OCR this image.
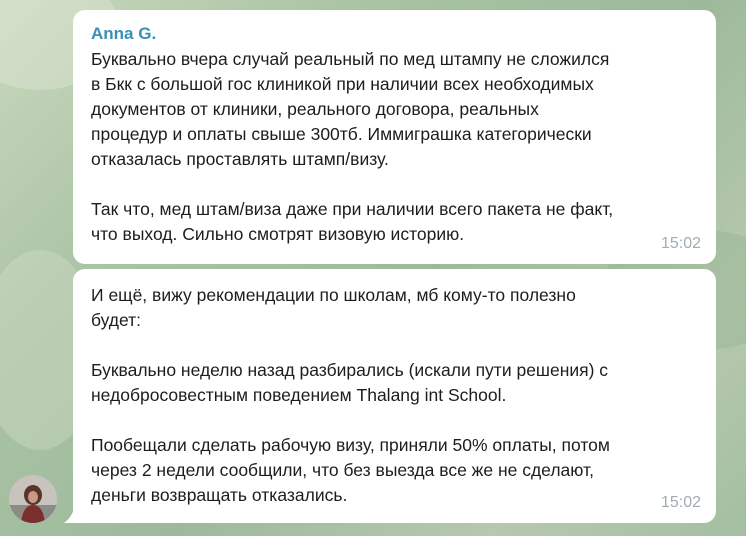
Anna G.

Буквально вчера случай реальный по мед штампу не сложился
в Бкк с большой гос клиникой при наличии всех необходимых
документов от клиники, реального договора, реальных
процедур и оплаты свыше 300тб. Иммиграшка категорически
отказалась проставлять штамп/визу.

Так что, мед штам/виза даже при наличии всего пакета не факт,
что выход. Сильно смотрят визовую историю.	15:02

И ещё, вижу рекомендации по школам, мб кому-то полезно
будет:

Буквально неделю назад разбирались (искали пути решения) с
недобросовестным поведением Thalang int School.

Пообещали сделать рабочую визу, приняли 50% оплаты, потом
через 2 недели сообщили, что без выезда все же не сделают,
деньги возвращать отказались.	15:02
